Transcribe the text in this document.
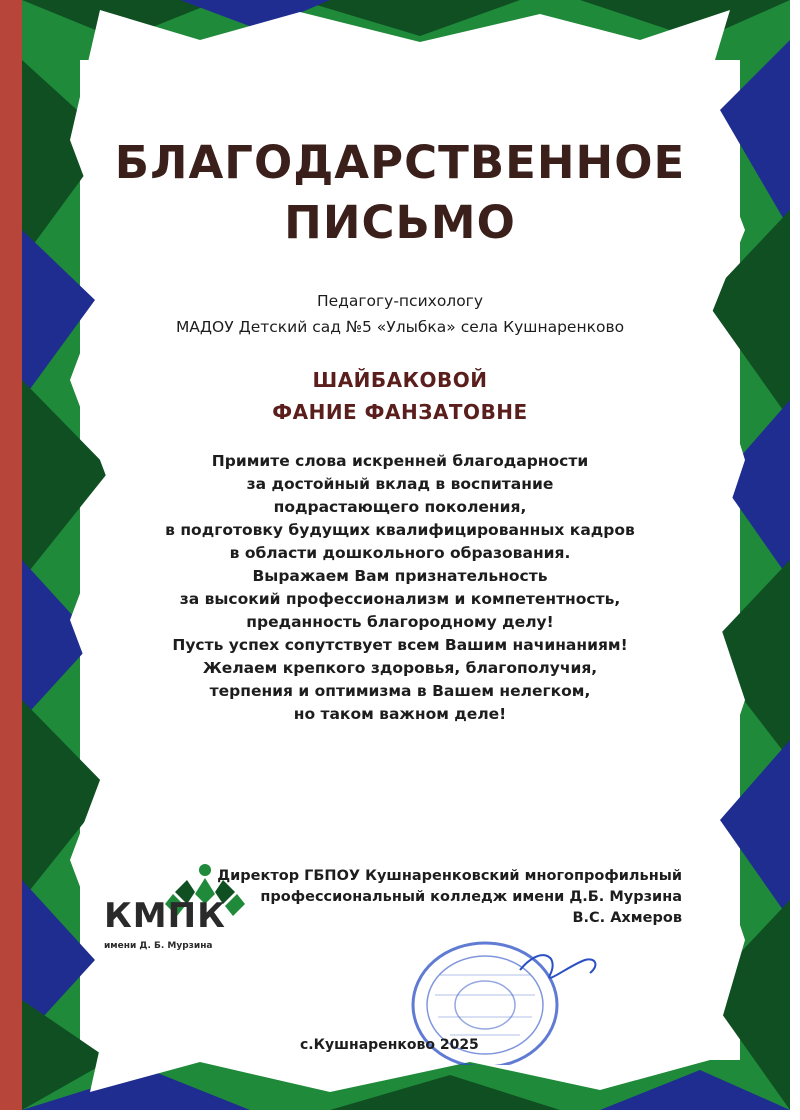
БЛАГОДАРСТВЕННОЕ
ПИСЬМО
Педагогу-психологу
МАДОУ Детский сад №5 «Улыбка» села Кушнаренково
ШАЙБАКОВОЙ
ФАНИЕ ФАНЗАТОВНЕ
Примите слова искренней благодарности
за достойный вклад в воспитание
подрастающего поколения,
в подготовку будущих квалифицированных кадров
в области дошкольного образования.
Выражаем Вам признательность
за высокий профессионализм и компетентность,
преданность благородному делу!
Пусть успех сопутствует всем Вашим начинаниям!
Желаем крепкого здоровья, благополучия,
терпения и оптимизма в Вашем нелегком,
но таком важном деле!
КМПК
имени Д. Б. Мурзина
Директор ГБПОУ Кушнаренковский многопрофильный
профессиональный колледж имени Д.Б. Мурзина
В.С. Ахмеров
с.Кушнаренково 2025
